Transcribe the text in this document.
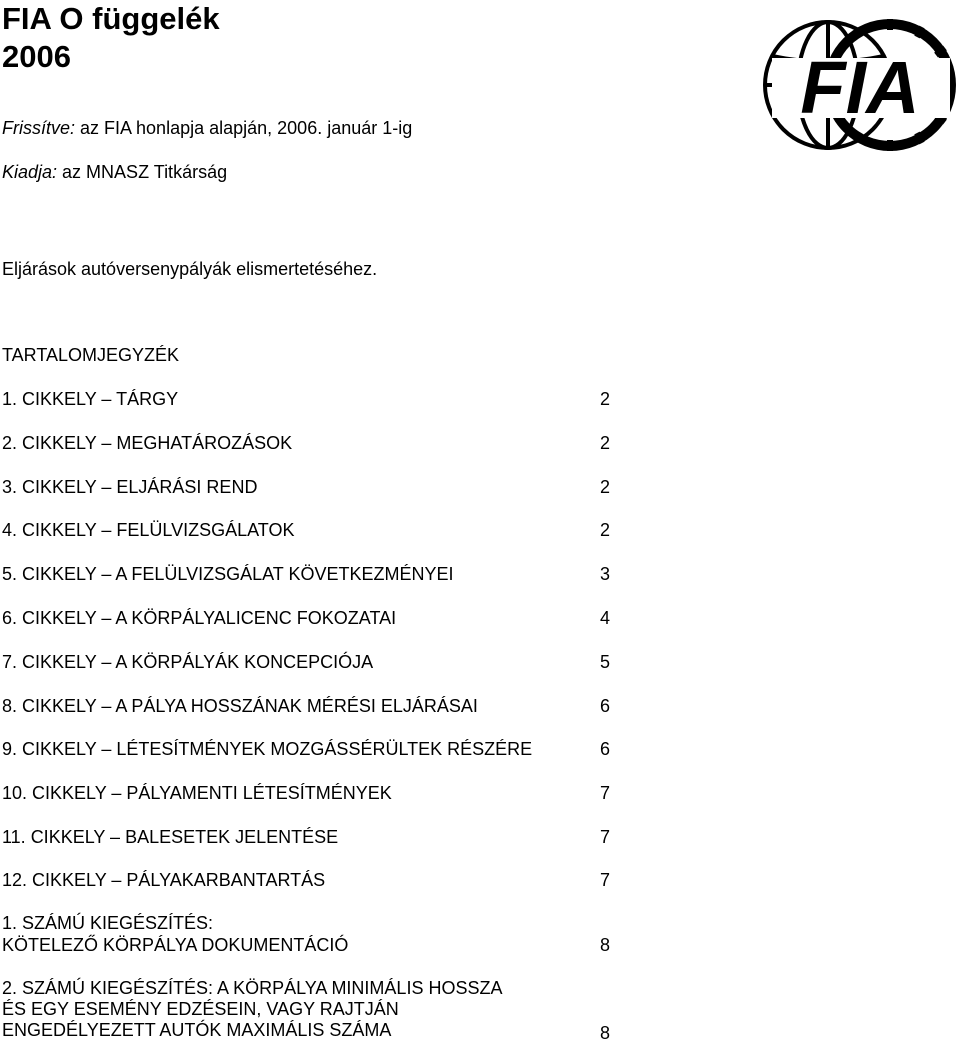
FIA O függelék
2006	FIA
Frissítve: az FIA honlapja alapján, 2006. január 1-ig
Kiadja: az MNASZ Titkárság
Eljárások autóversenypályák elismertetéséhez.
TARTALOMJEGYZÉK
1. CIKKELY – TÁRGY	2
2. CIKKELY – MEGHATÁROZÁSOK	2
3. CIKKELY – ELJÁRÁSI REND	2
4. CIKKELY – FELÜLVIZSGÁLATOK	2
5. CIKKELY – A FELÜLVIZSGÁLAT KÖVETKEZMÉNYEI	3
6. CIKKELY – A KÖRPÁLYALICENC FOKOZATAI	4
7. CIKKELY – A KÖRPÁLYÁK KONCEPCIÓJA	5
8. CIKKELY – A PÁLYA HOSSZÁNAK MÉRÉSI ELJÁRÁSAI	6
9. CIKKELY – LÉTESÍTMÉNYEK MOZGÁSSÉRÜLTEK RÉSZÉRE	6
10. CIKKELY – PÁLYAMENTI LÉTESÍTMÉNYEK	7
11. CIKKELY – BALESETEK JELENTÉSE	7
12. CIKKELY – PÁLYAKARBANTARTÁS	7
1. SZÁMÚ KIEGÉSZÍTÉS:
KÖTELEZŐ KÖRPÁLYA DOKUMENTÁCIÓ	8
2. SZÁMÚ KIEGÉSZÍTÉS: A KÖRPÁLYA MINIMÁLIS HOSSZA
ÉS EGY ESEMÉNY EDZÉSEIN, VAGY RAJTJÁN
ENGEDÉLYEZETT AUTÓK MAXIMÁLIS SZÁMA	8
